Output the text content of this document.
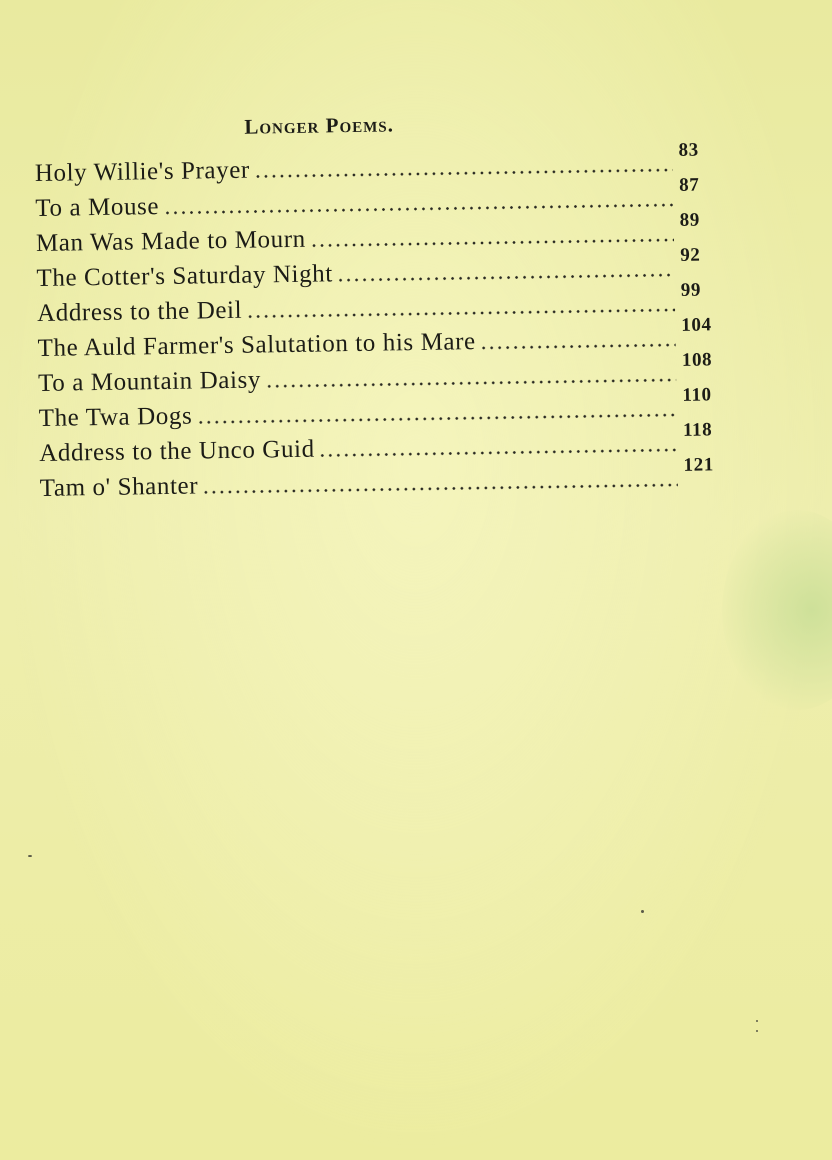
Longer Poems.
Holy Willie's Prayer
83
To a Mouse
87
Man Was Made to Mourn
89
The Cotter's Saturday Night
92
Address to the Deil
99
The Auld Farmer's Salutation to his Mare
104
To a Mountain Daisy
108
The Twa Dogs
110
Address to the Unco Guid
118
Tam o' Shanter
121
